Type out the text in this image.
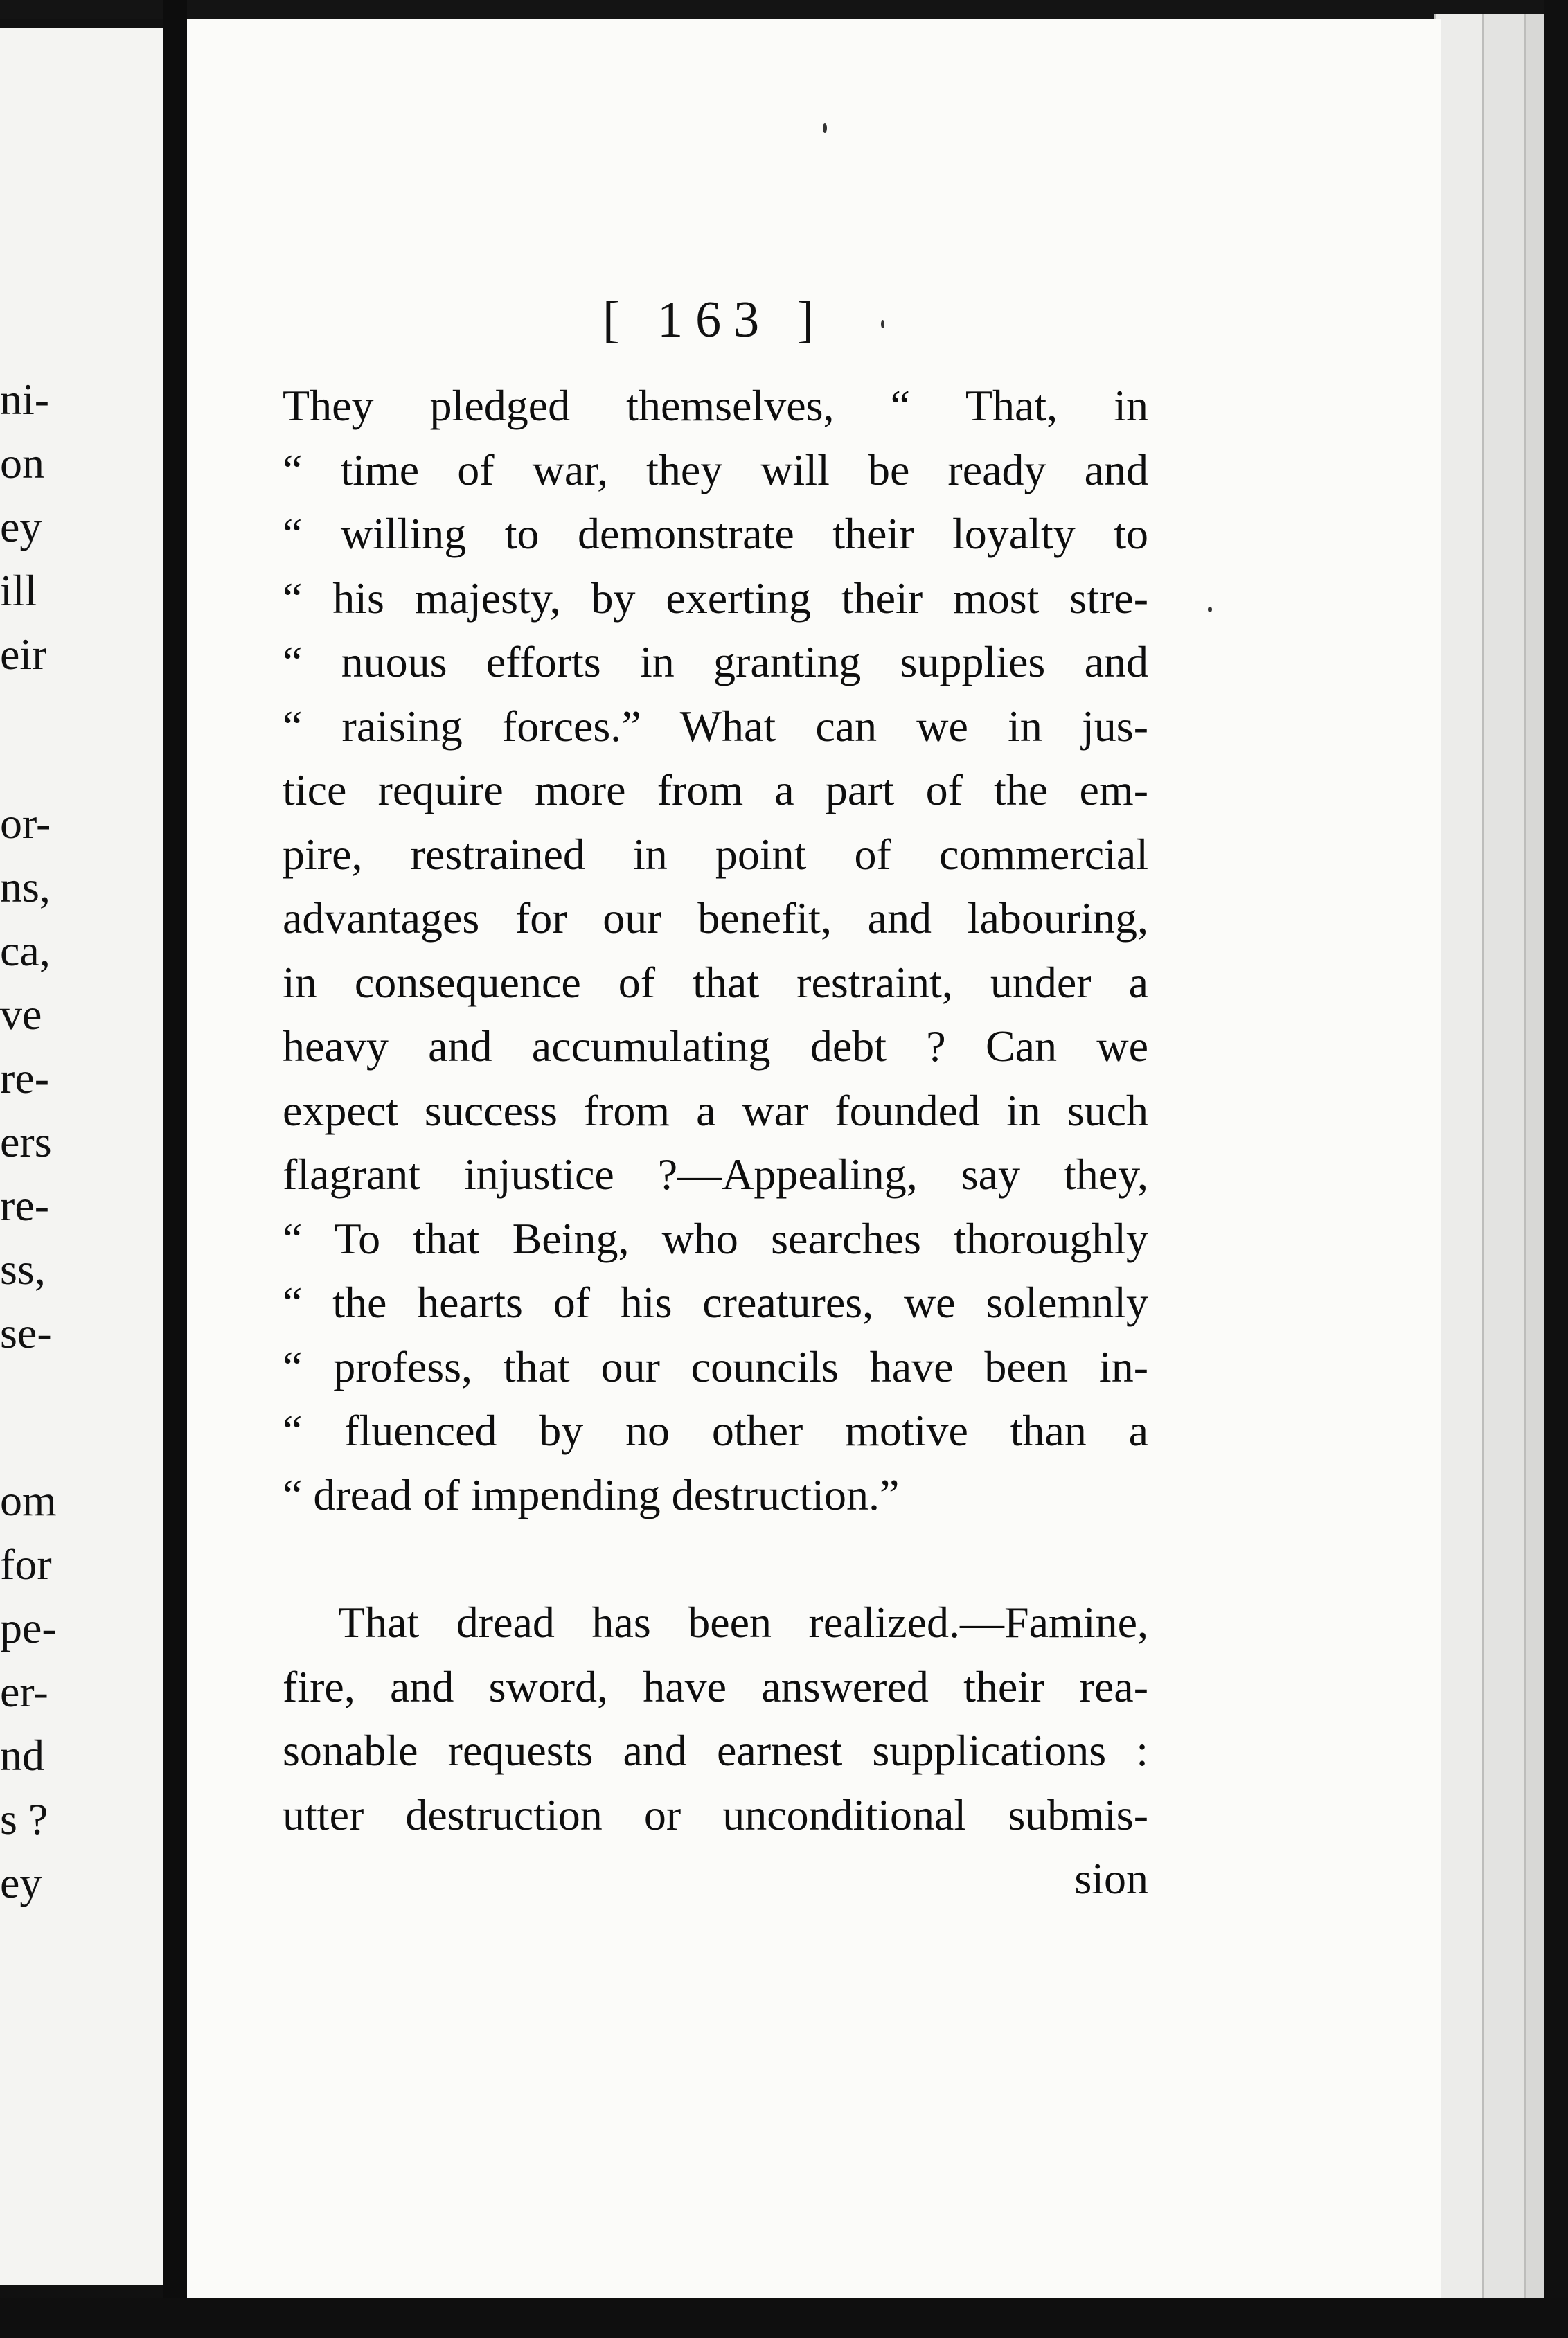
ni-
on
ey
ill
eir
or-
ns,
ca,
ve
re-
ers
re-
ss,
se-
om
for
pe-
er-
nd
s ?
ey
[ 163 ]
They pledged themselves, “ That, in
“ time of war, they will be ready and
“ willing to demonstrate their loyalty to
“ his majesty, by exerting their most stre-
“ nuous efforts in granting supplies and
“ raising forces.” What can we in jus-
tice require more from a part of the em-
pire, restrained in point of commercial
advantages for our benefit, and labouring,
in consequence of that restraint, under a
heavy and accumulating debt ? Can we
expect success from a war founded in such
flagrant injustice ?—Appealing, say they,
“ To that Being, who searches thoroughly
“ the hearts of his creatures, we solemnly
“ profess, that our councils have been in-
“ fluenced by no other motive than a
“ dread of impending destruction.”
That dread has been realized.—Famine,
fire, and sword, have answered their rea-
sonable requests and earnest supplications :
utter destruction or unconditional submis-
sion
